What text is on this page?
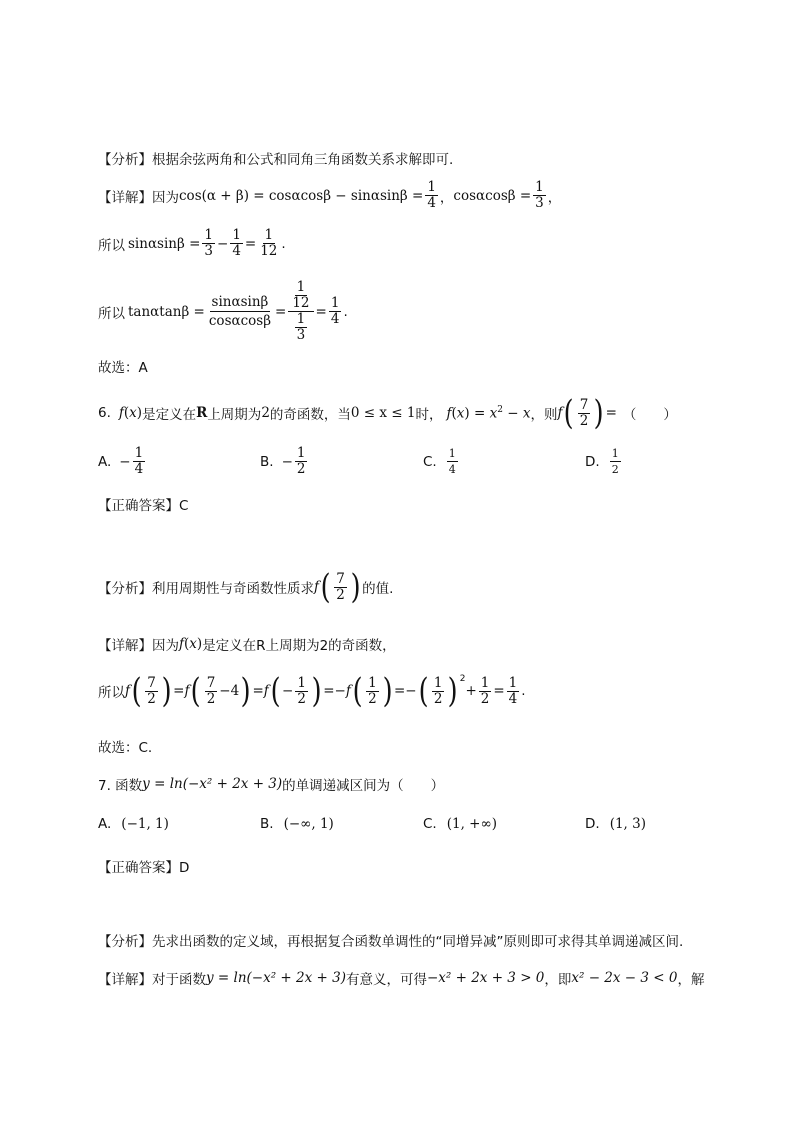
【分析】根据余弦两角和公式和同角三角函数关系求解即可.
【详解】因为 $\cos(\alpha + \beta) = \cos\alpha\cos\beta - \sin\alpha\sin\beta = \frac{1}{4}$ ， $\cos\alpha\cos\beta = \frac{1}{3}$ ，
所以 $\sin\alpha\sin\beta = \frac{1}{3} - \frac{1}{4} = \frac{1}{12}$ .
所以 $\tan\alpha\tan\beta = \frac{\sin\alpha\sin\beta}{\cos\alpha\cos\beta} = \frac{\frac{1}{12}}{\frac{1}{3}} = \frac{1}{4}$ .
故选：A
6. f ( x ) 是定义在 R 上周期为 2 的奇函数，当 0 ≤ x ≤ 1 时， $f(x) = x^2 - x$ ，则 f ( $\frac{7}{2}$ ) = （　　）
A. − $\frac{1}{4}$	B. − $\frac{1}{2}$	C. $\frac{1}{4}$	D. $\frac{1}{2}$
【正确答案】C
【分析】利用周期性与奇函数性质求 f ( $\frac{7}{2}$ ) 的值.
【详解】因为 f(x) 是定义在R上周期为2的奇函数，
所以 f ( $\frac{7}{2}$ ) = f ( $\frac{7}{2} -4$ ) = f ( − $\frac{1}{2}$ ) = − f ( $\frac{1}{2}$ ) = − ( $\frac{1}{2} )^2$
+ $\frac{1}{2} = \frac{1}{4}$ .
故选：C.
7. 函数 y = ln(−x² + 2x + 3) 的单调递减区间为（　　）
A. (−1, 1)	B. (−∞, 1)	C. (1, +∞)	D. (1, 3)
【正确答案】D
【分析】先求出函数的定义域，再根据复合函数单调性的“同增异减”原则即可求得其单调递减区间.
【详解】对于函数 y = ln(−x² + 2x + 3) 有意义，可得 −x² + 2x + 3 > 0 ，即 x² − 2x − 3 < 0 ，解
